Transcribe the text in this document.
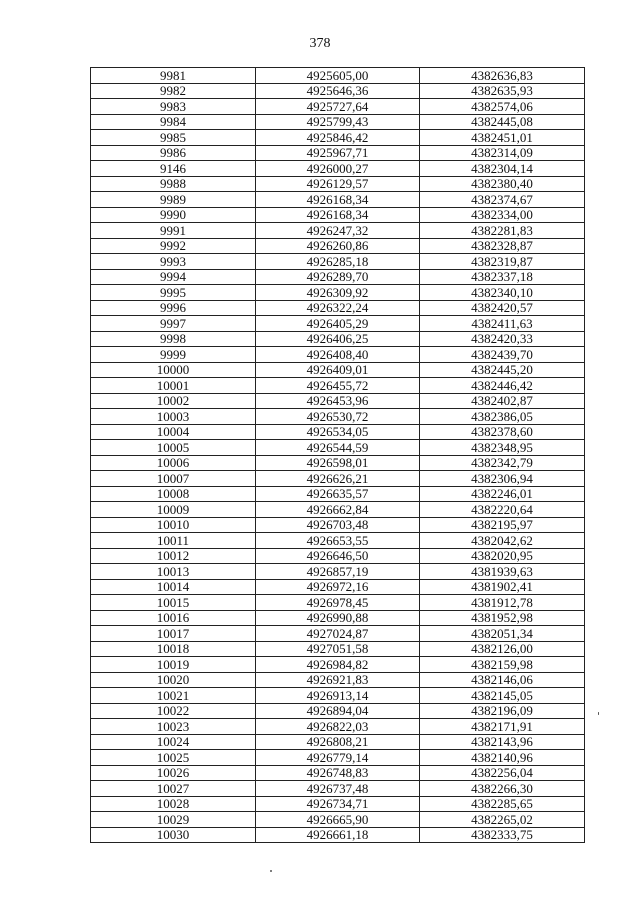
378
9981	4925605,00	4382636,83
9982	4925646,36	4382635,93
9983	4925727,64	4382574,06
9984	4925799,43	4382445,08
9985	4925846,42	4382451,01
9986	4925967,71	4382314,09
9146	4926000,27	4382304,14
9988	4926129,57	4382380,40
9989	4926168,34	4382374,67
9990	4926168,34	4382334,00
9991	4926247,32	4382281,83
9992	4926260,86	4382328,87
9993	4926285,18	4382319,87
9994	4926289,70	4382337,18
9995	4926309,92	4382340,10
9996	4926322,24	4382420,57
9997	4926405,29	4382411,63
9998	4926406,25	4382420,33
9999	4926408,40	4382439,70
10000	4926409,01	4382445,20
10001	4926455,72	4382446,42
10002	4926453,96	4382402,87
10003	4926530,72	4382386,05
10004	4926534,05	4382378,60
10005	4926544,59	4382348,95
10006	4926598,01	4382342,79
10007	4926626,21	4382306,94
10008	4926635,57	4382246,01
10009	4926662,84	4382220,64
10010	4926703,48	4382195,97
10011	4926653,55	4382042,62
10012	4926646,50	4382020,95
10013	4926857,19	4381939,63
10014	4926972,16	4381902,41
10015	4926978,45	4381912,78
10016	4926990,88	4381952,98
10017	4927024,87	4382051,34
10018	4927051,58	4382126,00
10019	4926984,82	4382159,98
10020	4926921,83	4382146,06
10021	4926913,14	4382145,05
10022	4926894,04	4382196,09
10023	4926822,03	4382171,91
10024	4926808,21	4382143,96
10025	4926779,14	4382140,96
10026	4926748,83	4382256,04
10027	4926737,48	4382266,30
10028	4926734,71	4382285,65
10029	4926665,90	4382265,02
10030	4926661,18	4382333,75
